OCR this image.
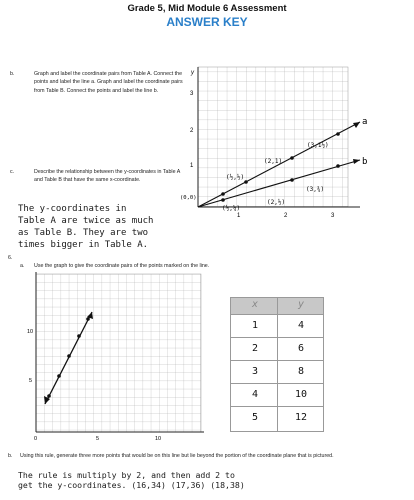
Grade 5, Mid Module 6 Assessment
ANSWER KEY
b.	Graph and label the coordinate pairs from Table A. Connect the points and label the line a. Graph and label the coordinate pairs from Table B. Connect the points and label the line b.
c.	Describe the relationship between the y-coordinates in Table A and Table B that have the same x-coordinate.
The y-coordinates in
Table A are twice as much
as Table B. They are two
times bigger in Table A.
y
1	2	3
1
2
3
a
b
(0,0)
(½,½)
(2,1)
(3,1½)
(½,¼)
(2,½)
(3,¾)
6.
a. Use the graph to give the coordinate pairs of the points marked on the line.
10
5
0	5	10
x	y
1	4
2	6
3	8
4	10
5	12
b. Using this rule, generate three more points that would be on this line but lie beyond the portion of the coordinate plane that is pictured.
The rule is multiply by 2, and then add 2 to
get the y-coordinates. (16,34) (17,36) (18,38)
